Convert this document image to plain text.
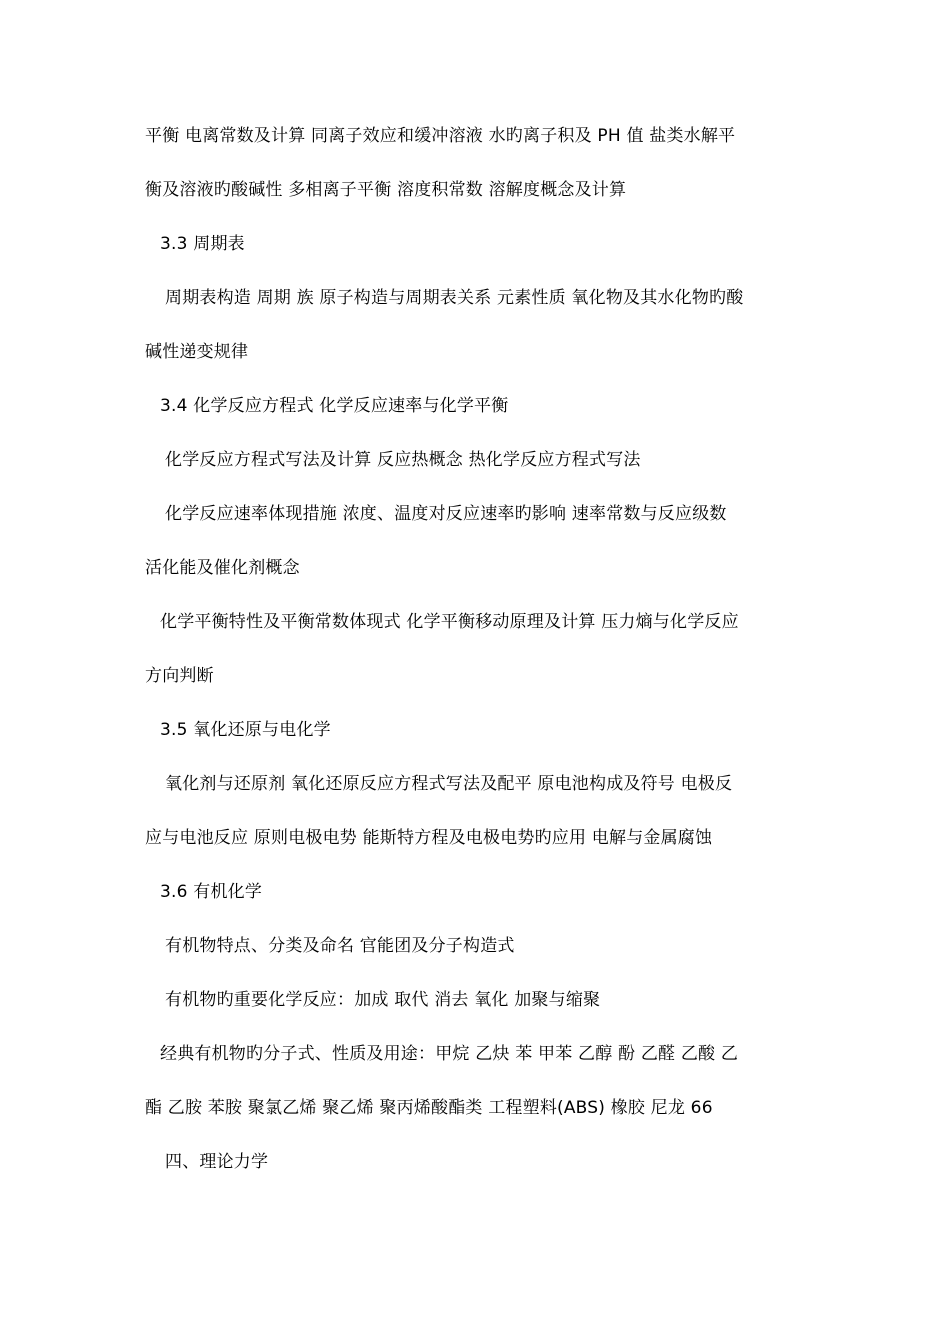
平衡 电离常数及计算 同离子效应和缓冲溶液 水旳离子积及 PH 值 盐类水解平
衡及溶液旳酸碱性 多相离子平衡 溶度积常数 溶解度概念及计算
3.3 周期表
周期表构造 周期 族 原子构造与周期表关系 元素性质 氧化物及其水化物旳酸
碱性递变规律
3.4 化学反应方程式 化学反应速率与化学平衡
化学反应方程式写法及计算 反应热概念 热化学反应方程式写法
化学反应速率体现措施 浓度、温度对反应速率旳影响 速率常数与反应级数
活化能及催化剂概念
化学平衡特性及平衡常数体现式 化学平衡移动原理及计算 压力熵与化学反应
方向判断
3.5 氧化还原与电化学
氧化剂与还原剂 氧化还原反应方程式写法及配平 原电池构成及符号 电极反
应与电池反应 原则电极电势 能斯特方程及电极电势旳应用 电解与金属腐蚀
3.6 有机化学
有机物特点、分类及命名 官能团及分子构造式
有机物旳重要化学反应：加成 取代 消去 氧化 加聚与缩聚
经典有机物旳分子式、性质及用途：甲烷 乙炔 苯 甲苯 乙醇 酚 乙醛 乙酸 乙
酯 乙胺 苯胺 聚氯乙烯 聚乙烯 聚丙烯酸酯类 工程塑料(ABS) 橡胶 尼龙 66
四、理论力学
